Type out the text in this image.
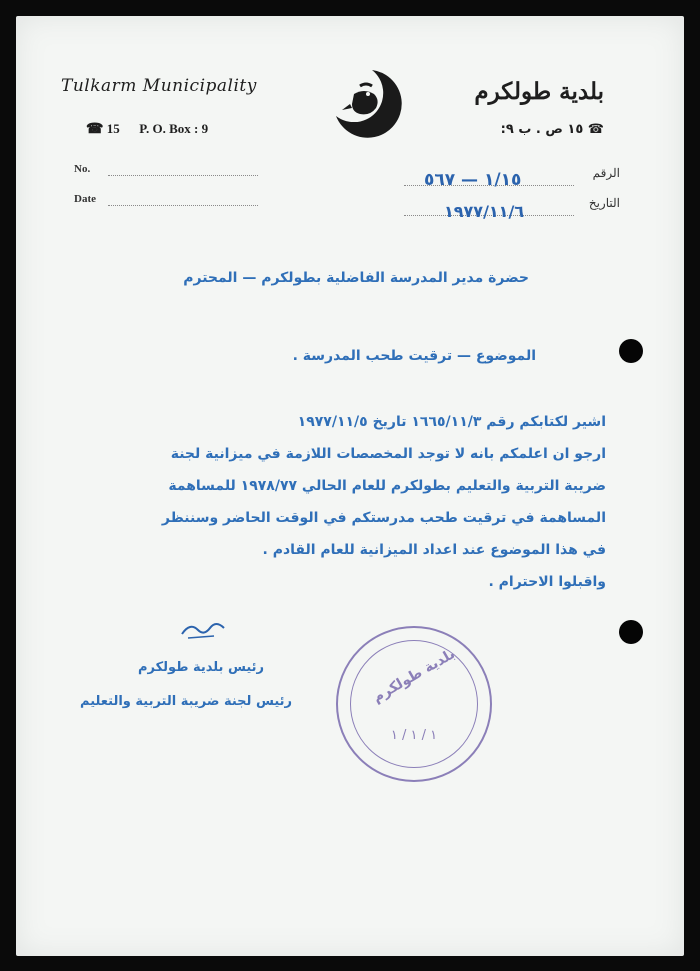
Tulkarm Municipality
☎ 15 P. O. Box : 9
No.
Date
بلدية طولكرم
☎ ١٥ ص . ب ٩:
الرقم
التاريخ
١/١٥ — ٥٦٧
١٩٧٧/١١/٦
حضرة مدير المدرسة الفاضلية بطولكرم — المحترم
الموضوع — ترقيت طحب المدرسة .
اشير لكتابكم رقم ١٦٦٥/١١/٣ تاريخ ١٩٧٧/١١/٥
ارجو ان اعلمكم بانه لا توجد المخصصات اللازمة في ميزانية لجنة
ضريبة التربية والتعليم بطولكرم للعام الحالي ١٩٧٨/٧٧ للمساهمة
المساهمة في ترقيت طحب مدرستكم في الوقت الحاضر وسننظر
في هذا الموضوع عند اعداد الميزانية للعام القادم .
واقبلوا الاحترام .
رئيس بلدية طولكرم
رئيس لجنة ضريبة التربية والتعليم	بلدية طولكرم
١ / ١ / ١
